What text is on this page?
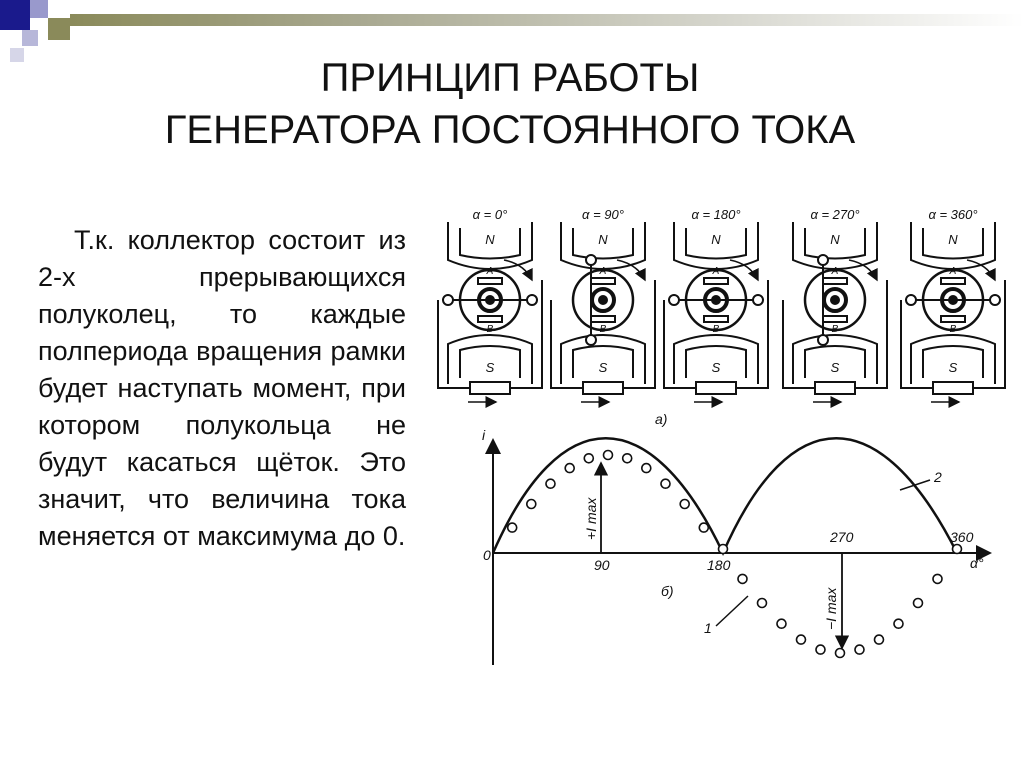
ПРИНЦИП РАБОТЫ
ГЕНЕРАТОРА ПОСТОЯННОГО ТОКА
Т.к. коллектор состоит из 2-х прерывающихся полуколец, то каждые полпериода вращения рамки будет наступать момент, при котором полукольца не будут касаться щёток. Это значит, что величина тока меняется от максимума до 0.
α = 0°
N
S
A
B
α = 90°
N
S
A
B
α = 180°
N
S
A
B
α = 270°
N
S
A
B
α = 360°
N
S
A
B
i
α°
0
90	180
270	360
+I max
−I max
2
1
б)
а)
